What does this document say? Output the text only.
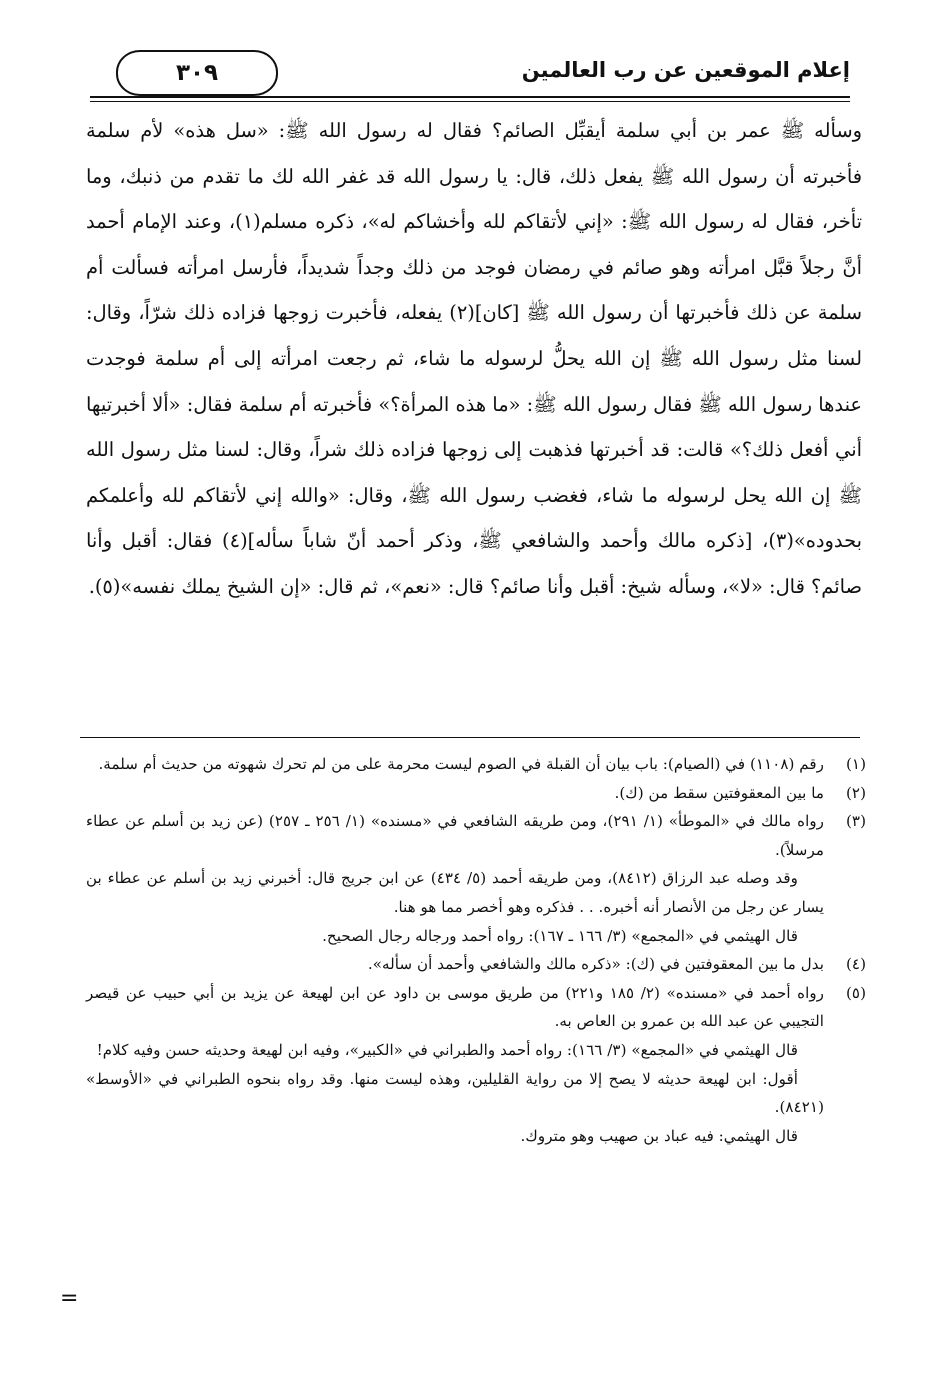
إعلام الموقعين عن رب العالمين
٣٠٩

وسأله ﷺ عمر بن أبي سلمة أيقبِّل الصائم؟ فقال له رسول الله ﷺ: «سل هذه» لأم سلمة فأخبرته أن رسول الله ﷺ يفعل ذلك، قال: يا رسول الله قد غفر الله لك ما تقدم من ذنبك، وما تأخر، فقال له رسول الله ﷺ: «إني لأتقاكم لله وأخشاكم له»، ذكره مسلم(١)، وعند الإمام أحمد أنَّ رجلاً قبَّل امرأته وهو صائم في رمضان فوجد من ذلك وجداً شديداً، فأرسل امرأته فسألت أم سلمة عن ذلك فأخبرتها أن رسول الله ﷺ [كان](٢) يفعله، فأخبرت زوجها فزاده ذلك شرّاً، وقال: لسنا مثل رسول الله ﷺ إن الله يحلُّ لرسوله ما شاء، ثم رجعت امرأته إلى أم سلمة فوجدت عندها رسول الله ﷺ فقال رسول الله ﷺ: «ما هذه المرأة؟» فأخبرته أم سلمة فقال: «ألا أخبرتيها أني أفعل ذلك؟» قالت: قد أخبرتها فذهبت إلى زوجها فزاده ذلك شراً، وقال: لسنا مثل رسول الله ﷺ إن الله يحل لرسوله ما شاء، فغضب رسول الله ﷺ، وقال: «والله إني لأتقاكم لله وأعلمكم بحدوده»(٣)، [ذكره مالك وأحمد والشافعي ﷺ، وذكر أحمد أنّ شاباً سأله](٤) فقال: أقبل وأنا صائم؟ قال: «لا»، وسأله شيخ: أقبل وأنا صائم؟ قال: «نعم»، ثم قال: «إن الشيخ يملك نفسه»(٥).

(١)
رقم (١١٠٨) في (الصيام): باب بيان أن القبلة في الصوم ليست محرمة على من لم تحرك شهوته من حديث أم سلمة.
(٢)
ما بين المعقوفتين سقط من (ك).
(٣)
رواه مالك في «الموطأ» (١/ ٢٩١)، ومن طريقه الشافعي في «مسنده» (١/ ٢٥٦ ـ ٢٥٧) (عن زيد بن أسلم عن عطاء مرسلاً).
وقد وصله عبد الرزاق (٨٤١٢)، ومن طريقه أحمد (٥/ ٤٣٤) عن ابن جريج قال: أخبرني زيد بن أسلم عن عطاء بن يسار عن رجل من الأنصار أنه أخبره. . . فذكره وهو أخصر مما هو هنا.
قال الهيثمي في «المجمع» (٣/ ١٦٦ ـ ١٦٧): رواه أحمد ورجاله رجال الصحيح.
(٤)
بدل ما بين المعقوفتين في (ك): «ذكره مالك والشافعي وأحمد أن سأله».
(٥)
رواه أحمد في «مسنده» (٢/ ١٨٥ و٢٢١) من طريق موسى بن داود عن ابن لهيعة عن يزيد بن أبي حبيب عن قيصر التجيبي عن عبد الله بن عمرو بن العاص به.
قال الهيثمي في «المجمع» (٣/ ١٦٦): رواه أحمد والطبراني في «الكبير»، وفيه ابن لهيعة وحديثه حسن وفيه كلام!
أقول: ابن لهيعة حديثه لا يصح إلا من رواية القليلين، وهذه ليست منها. وقد رواه بنحوه الطبراني في «الأوسط» (٨٤٢١).
قال الهيثمي: فيه عباد بن صهيب وهو متروك.
=
